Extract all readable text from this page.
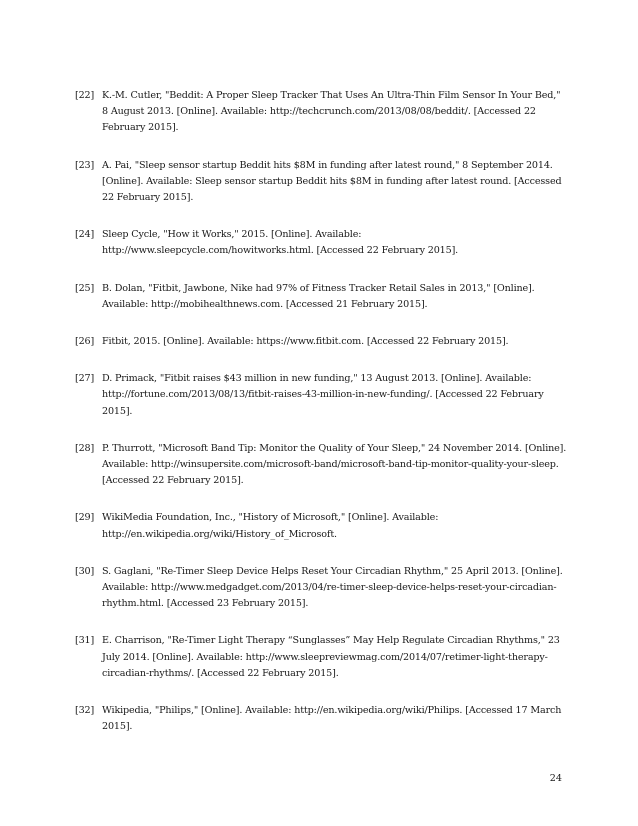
[22] K.-M. Cutler, "Beddit: A Proper Sleep Tracker That Uses An Ultra-Thin Film Sensor In Your Bed," 8 August 2013. [Online]. Available: http://techcrunch.com/2013/08/08/beddit/. [Accessed 22 February 2015].
[23] A. Pai, "Sleep sensor startup Beddit hits $8M in funding after latest round," 8 September 2014. [Online]. Available: Sleep sensor startup Beddit hits $8M in funding after latest round. [Accessed 22 February 2015].
[24] Sleep Cycle, "How it Works," 2015. [Online]. Available: http://www.sleepcycle.com/howitworks.html. [Accessed 22 February 2015].
[25] B. Dolan, "Fitbit, Jawbone, Nike had 97% of Fitness Tracker Retail Sales in 2013," [Online]. Available: http://mobihealthnews.com. [Accessed 21 February 2015].
[26] Fitbit, 2015. [Online]. Available: https://www.fitbit.com. [Accessed 22 February 2015].
[27] D. Primack, "Fitbit raises $43 million in new funding," 13 August 2013. [Online]. Available: http://fortune.com/2013/08/13/fitbit-raises-43-million-in-new-funding/. [Accessed 22 February 2015].
[28] P. Thurrott, "Microsoft Band Tip: Monitor the Quality of Your Sleep," 24 November 2014. [Online]. Available: http://winsupersite.com/microsoft-band/microsoft-band-tip-monitor-quality-your-sleep. [Accessed 22 February 2015].
[29] WikiMedia Foundation, Inc., "History of Microsoft," [Online]. Available: http://en.wikipedia.org/wiki/History_of_Microsoft.
[30] S. Gaglani, "Re-Timer Sleep Device Helps Reset Your Circadian Rhythm," 25 April 2013. [Online]. Available: http://www.medgadget.com/2013/04/re-timer-sleep-device-helps-reset-your-circadian-rhythm.html. [Accessed 23 February 2015].
[31] E. Charrison, "Re-Timer Light Therapy “Sunglasses” May Help Regulate Circadian Rhythms," 23 July 2014. [Online]. Available: http://www.sleepreviewmag.com/2014/07/retimer-light-therapy-circadian-rhythms/. [Accessed 22 February 2015].
[32] Wikipedia, "Philips," [Online]. Available: http://en.wikipedia.org/wiki/Philips. [Accessed 17 March 2015].
24
